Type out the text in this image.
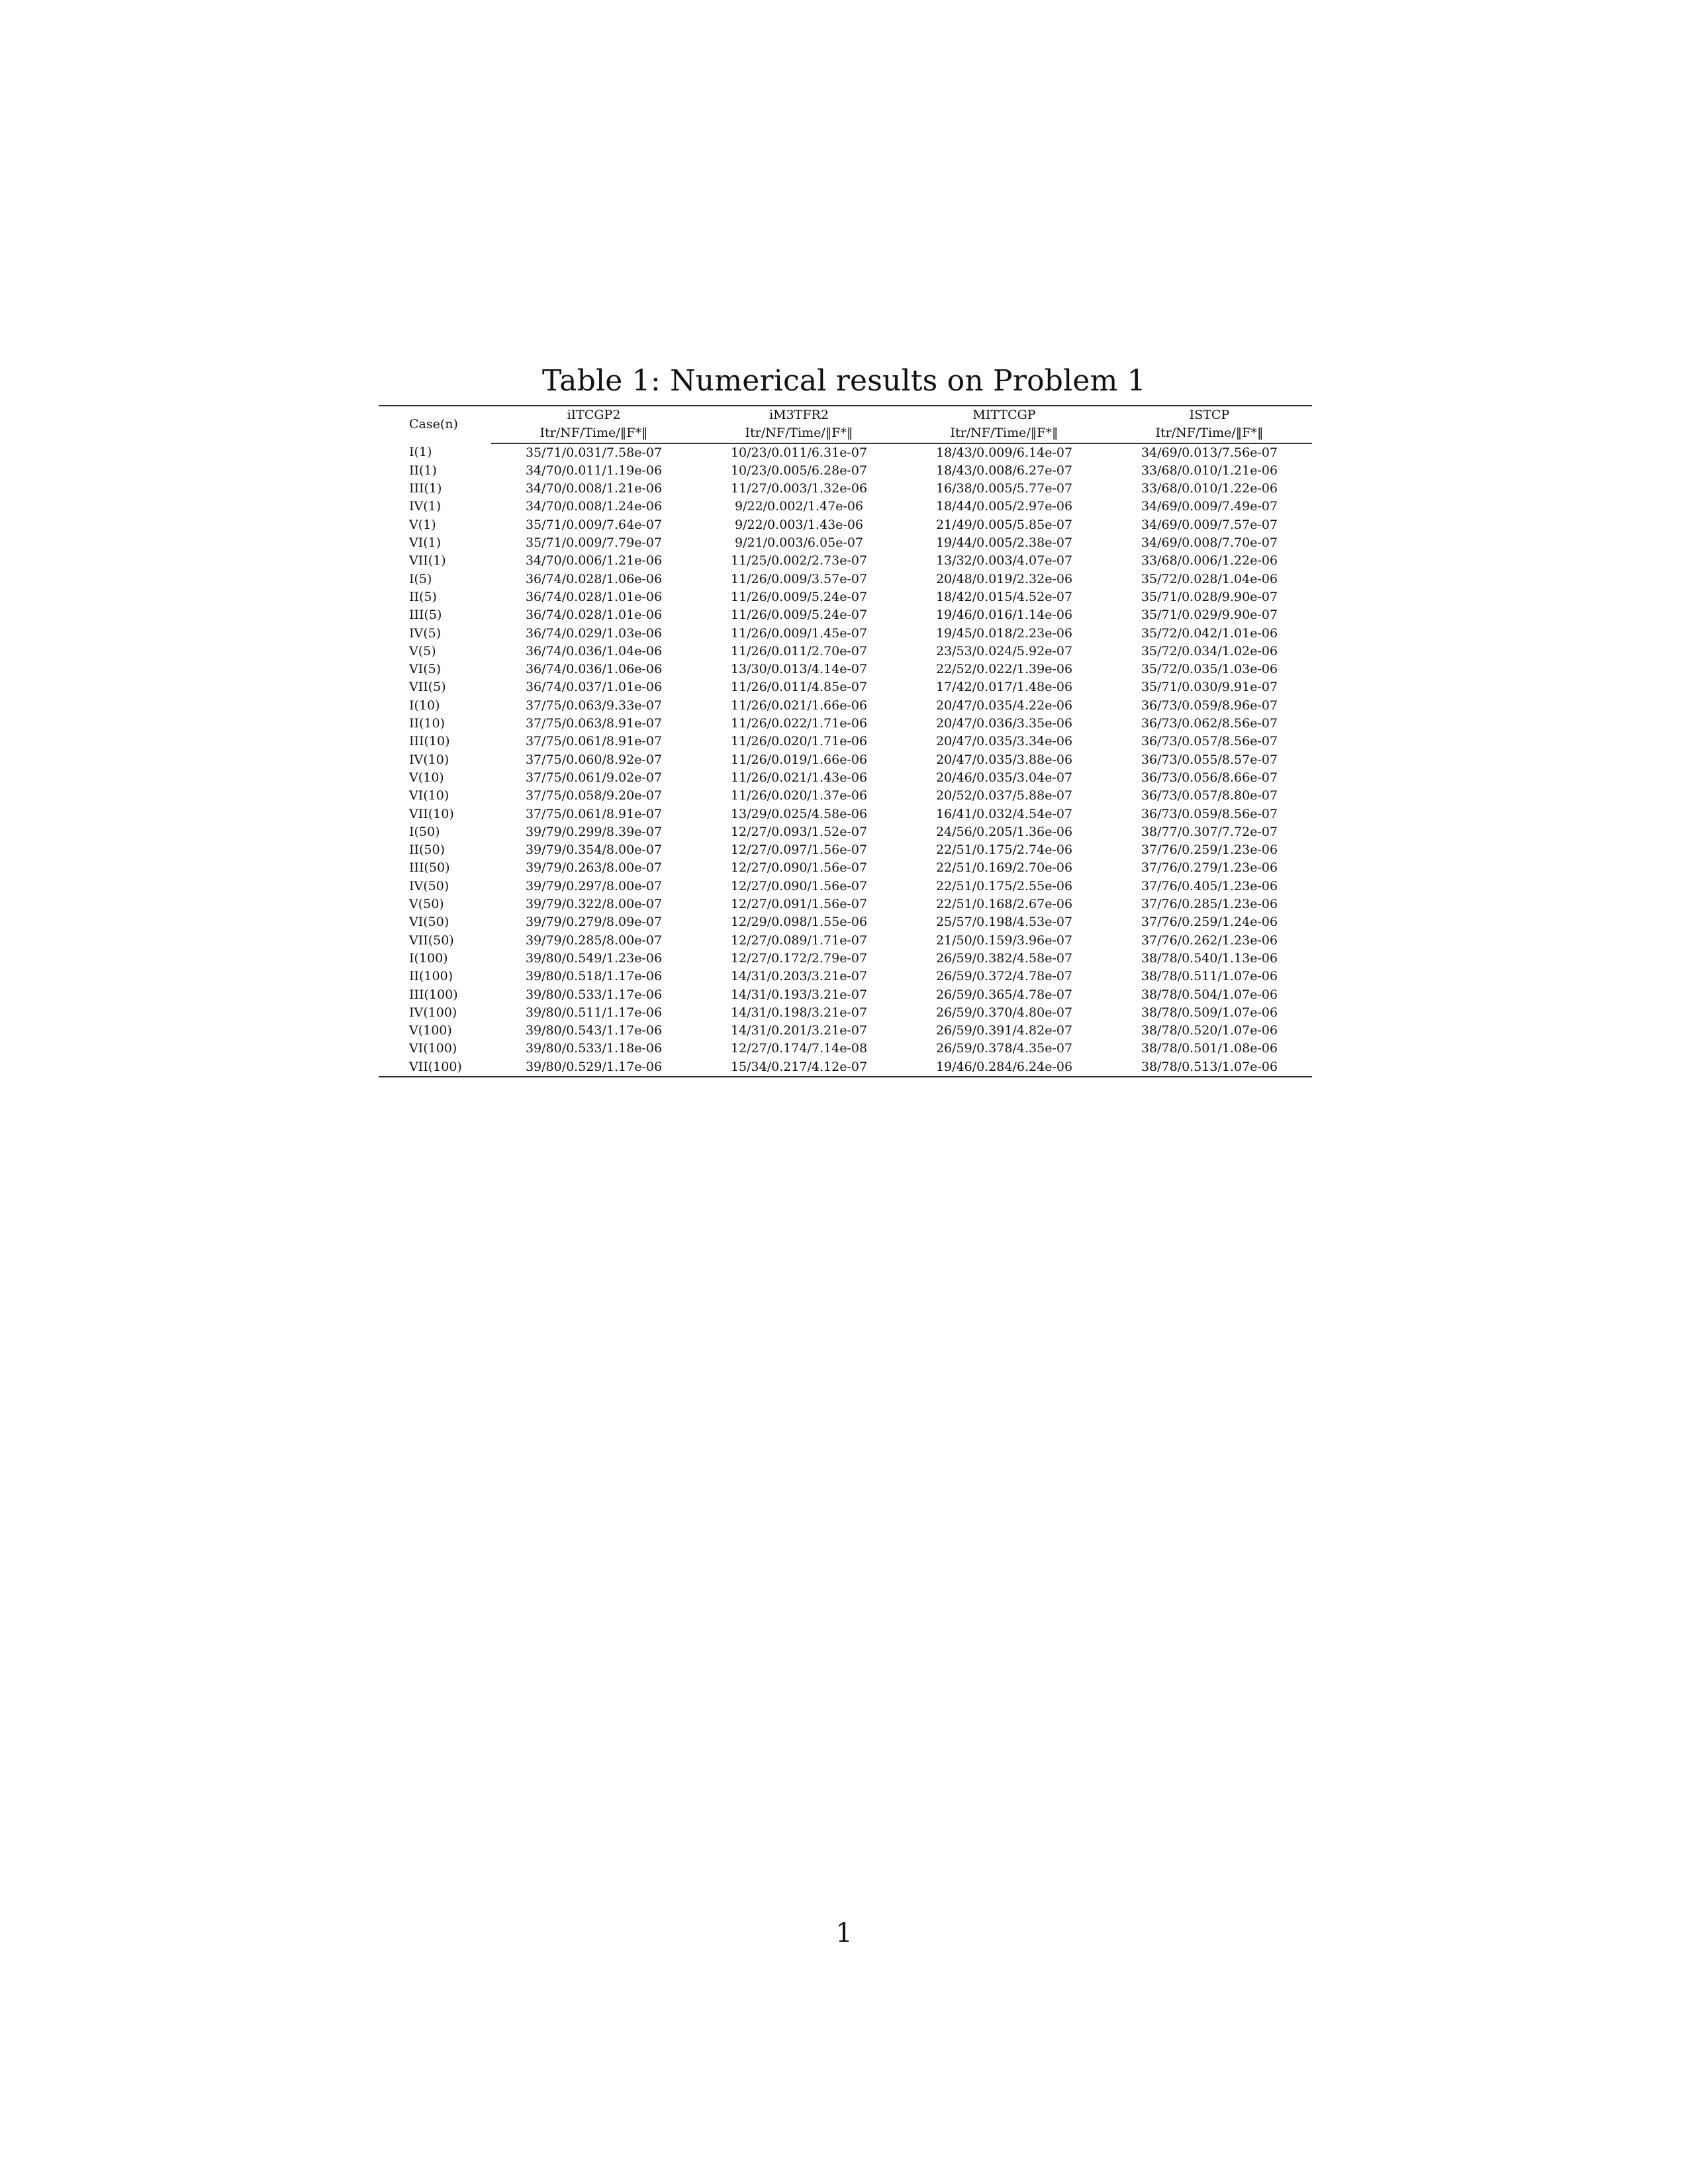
Table 1: Numerical results on Problem 1
Case(n)	iITCGP2	iM3TFR2	MITTCGP	ISTCP
	Itr/NF/Time/‖F*‖	Itr/NF/Time/‖F*‖	Itr/NF/Time/‖F*‖	Itr/NF/Time/‖F*‖
I(1)	35/71/0.031/7.58e-07	10/23/0.011/6.31e-07	18/43/0.009/6.14e-07	34/69/0.013/7.56e-07
II(1)	34/70/0.011/1.19e-06	10/23/0.005/6.28e-07	18/43/0.008/6.27e-07	33/68/0.010/1.21e-06
III(1)	34/70/0.008/1.21e-06	11/27/0.003/1.32e-06	16/38/0.005/5.77e-07	33/68/0.010/1.22e-06
IV(1)	34/70/0.008/1.24e-06	9/22/0.002/1.47e-06	18/44/0.005/2.97e-06	34/69/0.009/7.49e-07
V(1)	35/71/0.009/7.64e-07	9/22/0.003/1.43e-06	21/49/0.005/5.85e-07	34/69/0.009/7.57e-07
VI(1)	35/71/0.009/7.79e-07	9/21/0.003/6.05e-07	19/44/0.005/2.38e-07	34/69/0.008/7.70e-07
VII(1)	34/70/0.006/1.21e-06	11/25/0.002/2.73e-07	13/32/0.003/4.07e-07	33/68/0.006/1.22e-06
I(5)	36/74/0.028/1.06e-06	11/26/0.009/3.57e-07	20/48/0.019/2.32e-06	35/72/0.028/1.04e-06
II(5)	36/74/0.028/1.01e-06	11/26/0.009/5.24e-07	18/42/0.015/4.52e-07	35/71/0.028/9.90e-07
III(5)	36/74/0.028/1.01e-06	11/26/0.009/5.24e-07	19/46/0.016/1.14e-06	35/71/0.029/9.90e-07
IV(5)	36/74/0.029/1.03e-06	11/26/0.009/1.45e-07	19/45/0.018/2.23e-06	35/72/0.042/1.01e-06
V(5)	36/74/0.036/1.04e-06	11/26/0.011/2.70e-07	23/53/0.024/5.92e-07	35/72/0.034/1.02e-06
VI(5)	36/74/0.036/1.06e-06	13/30/0.013/4.14e-07	22/52/0.022/1.39e-06	35/72/0.035/1.03e-06
VII(5)	36/74/0.037/1.01e-06	11/26/0.011/4.85e-07	17/42/0.017/1.48e-06	35/71/0.030/9.91e-07
I(10)	37/75/0.063/9.33e-07	11/26/0.021/1.66e-06	20/47/0.035/4.22e-06	36/73/0.059/8.96e-07
II(10)	37/75/0.063/8.91e-07	11/26/0.022/1.71e-06	20/47/0.036/3.35e-06	36/73/0.062/8.56e-07
III(10)	37/75/0.061/8.91e-07	11/26/0.020/1.71e-06	20/47/0.035/3.34e-06	36/73/0.057/8.56e-07
IV(10)	37/75/0.060/8.92e-07	11/26/0.019/1.66e-06	20/47/0.035/3.88e-06	36/73/0.055/8.57e-07
V(10)	37/75/0.061/9.02e-07	11/26/0.021/1.43e-06	20/46/0.035/3.04e-07	36/73/0.056/8.66e-07
VI(10)	37/75/0.058/9.20e-07	11/26/0.020/1.37e-06	20/52/0.037/5.88e-07	36/73/0.057/8.80e-07
VII(10)	37/75/0.061/8.91e-07	13/29/0.025/4.58e-06	16/41/0.032/4.54e-07	36/73/0.059/8.56e-07
I(50)	39/79/0.299/8.39e-07	12/27/0.093/1.52e-07	24/56/0.205/1.36e-06	38/77/0.307/7.72e-07
II(50)	39/79/0.354/8.00e-07	12/27/0.097/1.56e-07	22/51/0.175/2.74e-06	37/76/0.259/1.23e-06
III(50)	39/79/0.263/8.00e-07	12/27/0.090/1.56e-07	22/51/0.169/2.70e-06	37/76/0.279/1.23e-06
IV(50)	39/79/0.297/8.00e-07	12/27/0.090/1.56e-07	22/51/0.175/2.55e-06	37/76/0.405/1.23e-06
V(50)	39/79/0.322/8.00e-07	12/27/0.091/1.56e-07	22/51/0.168/2.67e-06	37/76/0.285/1.23e-06
VI(50)	39/79/0.279/8.09e-07	12/29/0.098/1.55e-06	25/57/0.198/4.53e-07	37/76/0.259/1.24e-06
VII(50)	39/79/0.285/8.00e-07	12/27/0.089/1.71e-07	21/50/0.159/3.96e-07	37/76/0.262/1.23e-06
I(100)	39/80/0.549/1.23e-06	12/27/0.172/2.79e-07	26/59/0.382/4.58e-07	38/78/0.540/1.13e-06
II(100)	39/80/0.518/1.17e-06	14/31/0.203/3.21e-07	26/59/0.372/4.78e-07	38/78/0.511/1.07e-06
III(100)	39/80/0.533/1.17e-06	14/31/0.193/3.21e-07	26/59/0.365/4.78e-07	38/78/0.504/1.07e-06
IV(100)	39/80/0.511/1.17e-06	14/31/0.198/3.21e-07	26/59/0.370/4.80e-07	38/78/0.509/1.07e-06
V(100)	39/80/0.543/1.17e-06	14/31/0.201/3.21e-07	26/59/0.391/4.82e-07	38/78/0.520/1.07e-06
VI(100)	39/80/0.533/1.18e-06	12/27/0.174/7.14e-08	26/59/0.378/4.35e-07	38/78/0.501/1.08e-06
VII(100)	39/80/0.529/1.17e-06	15/34/0.217/4.12e-07	19/46/0.284/6.24e-06	38/78/0.513/1.07e-06
1
